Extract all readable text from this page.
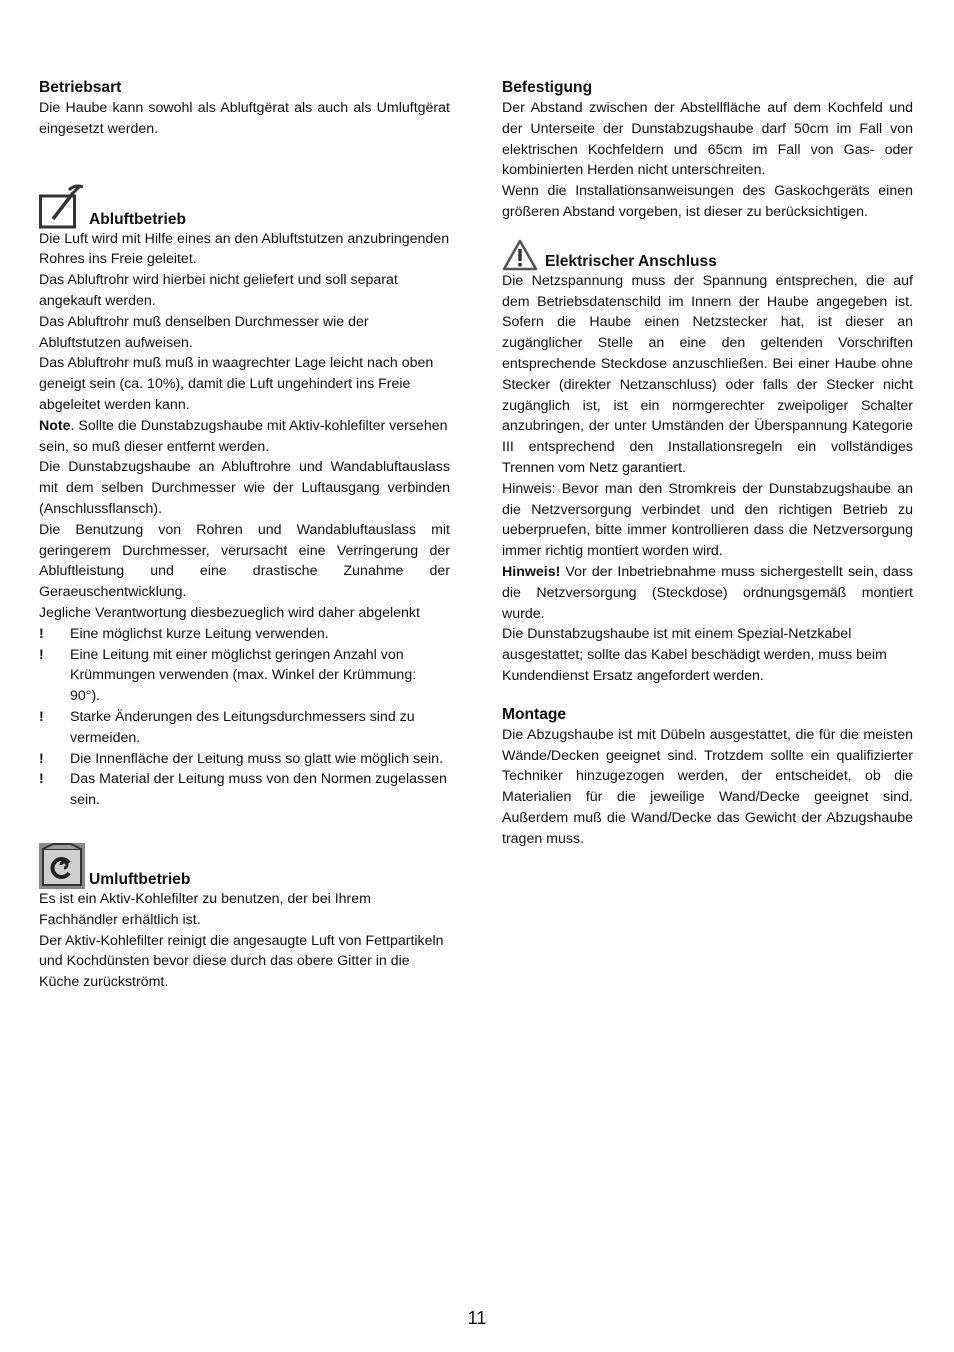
Betriebsart

Die Haube kann sowohl als Abluftgërat als auch als Umluftgërat eingesetzt werden.

Abluftbetrieb

Die Luft wird mit Hilfe eines an den Abluftstutzen anzubringenden Rohres ins Freie geleitet.

Das Abluftrohr wird hierbei nicht geliefert und soll separat angekauft werden.

Das Abluftrohr muß denselben Durchmesser wie der Abluftstutzen aufweisen.

Das Abluftrohr muß muß in waagrechter Lage leicht nach oben geneigt sein (ca. 10%), damit die Luft ungehindert ins Freie abgeleitet werden kann.

Note. Sollte die Dunstabzugshaube mit Aktiv-kohlefilter versehen sein, so muß dieser entfernt werden.

Die Dunstabzugshaube an Abluftrohre und Wandabluftauslass mit dem selben Durchmesser wie der Luftausgang verbinden (Anschlussflansch).

Die Benutzung von Rohren und Wandabluftauslass mit geringerem Durchmesser, verursacht eine Verringerung der Abluftleistung und eine drastische Zunahme der Geraeuschentwicklung.

Jegliche Verantwortung diesbezueglich wird daher abgelenkt

! Eine möglichst kurze Leitung verwenden.
! Eine Leitung mit einer möglichst geringen Anzahl von Krümmungen verwenden (max. Winkel der Krümmung: 90°).
! Starke Änderungen des Leitungsdurchmessers sind zu vermeiden.
! Die Innenfläche der Leitung muss so glatt wie möglich sein.
! Das Material der Leitung muss von den Normen zugelassen sein.
Umluftbetrieb

Es ist ein Aktiv-Kohlefilter zu benutzen, der bei Ihrem Fachhändler erhältlich ist.

Der Aktiv-Kohlefilter reinigt die angesaugte Luft von Fettpartikeln und Kochdünsten bevor diese durch das obere Gitter in die Küche zurückströmt.

Befestigung

Der Abstand zwischen der Abstellfläche auf dem Kochfeld und der Unterseite der Dunstabzugshaube darf 50cm im Fall von elektrischen Kochfeldern und 65cm im Fall von Gas- oder kombinierten Herden nicht unterschreiten.

Wenn die Installationsanweisungen des Gaskochgeräts einen größeren Abstand vorgeben, ist dieser zu berücksichtigen.

Elektrischer Anschluss

Die Netzspannung muss der Spannung entsprechen, die auf dem Betriebsdatenschild im Innern der Haube angegeben ist. Sofern die Haube einen Netzstecker hat, ist dieser an zugänglicher Stelle an eine den geltenden Vorschriften entsprechende Steckdose anzuschließen. Bei einer Haube ohne Stecker (direkter Netzanschluss) oder falls der Stecker nicht zugänglich ist, ist ein normgerechter zweipoliger Schalter anzubringen, der unter Umständen der Überspannung Kategorie III entsprechend den Installationsregeln ein vollständiges Trennen vom Netz garantiert.

Hinweis: Bevor man den Stromkreis der Dunstabzugshaube an die Netzversorgung verbindet und den richtigen Betrieb zu ueberpruefen, bitte immer kontrollieren dass die Netzversorgung immer richtig montiert worden wird.

Hinweis! Vor der Inbetriebnahme muss sichergestellt sein, dass die Netzversorgung (Steckdose) ordnungsgemäß montiert wurde.

Die Dunstabzugshaube ist mit einem Spezial-Netzkabel ausgestattet; sollte das Kabel beschädigt werden, muss beim Kundendienst Ersatz angefordert werden.

Montage

Die Abzugshaube ist mit Dübeln ausgestattet, die für die meisten Wände/Decken geeignet sind. Trotzdem sollte ein qualifizierter Techniker hinzugezogen werden, der entscheidet, ob die Materialien für die jeweilige Wand/Decke geeignet sind. Außerdem muß die Wand/Decke das Gewicht der Abzugshaube tragen muss.

11
